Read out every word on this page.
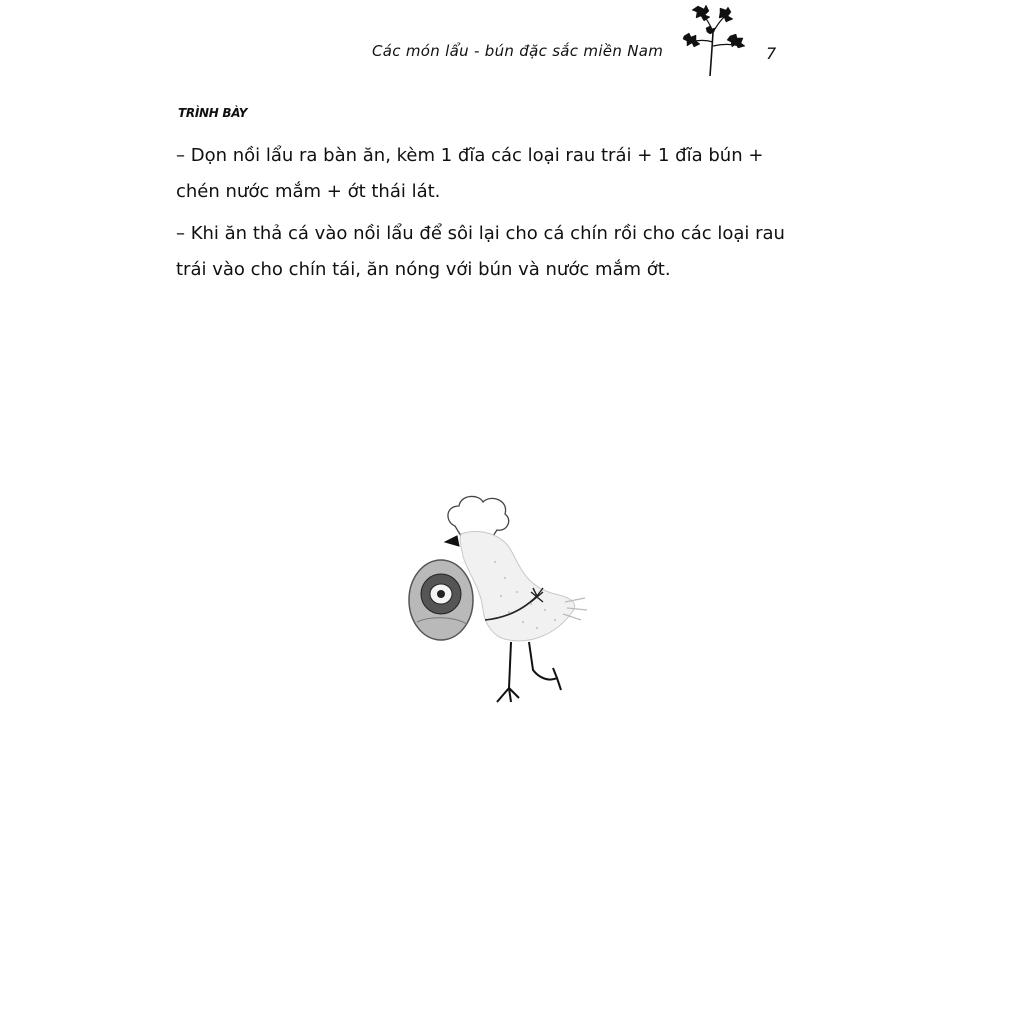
Các món lẩu - bún đặc sắc miền Nam	7
TRÌNH BÀY
– Dọn nồi lẩu ra bàn ăn, kèm 1 đĩa các loại rau trái + 1 đĩa bún + chén nước mắm + ớt thái lát.
– Khi ăn thả cá vào nồi lẩu để sôi lại cho cá chín rồi cho các loại rau trái vào cho chín tái, ăn nóng với bún và nước mắm ớt.
